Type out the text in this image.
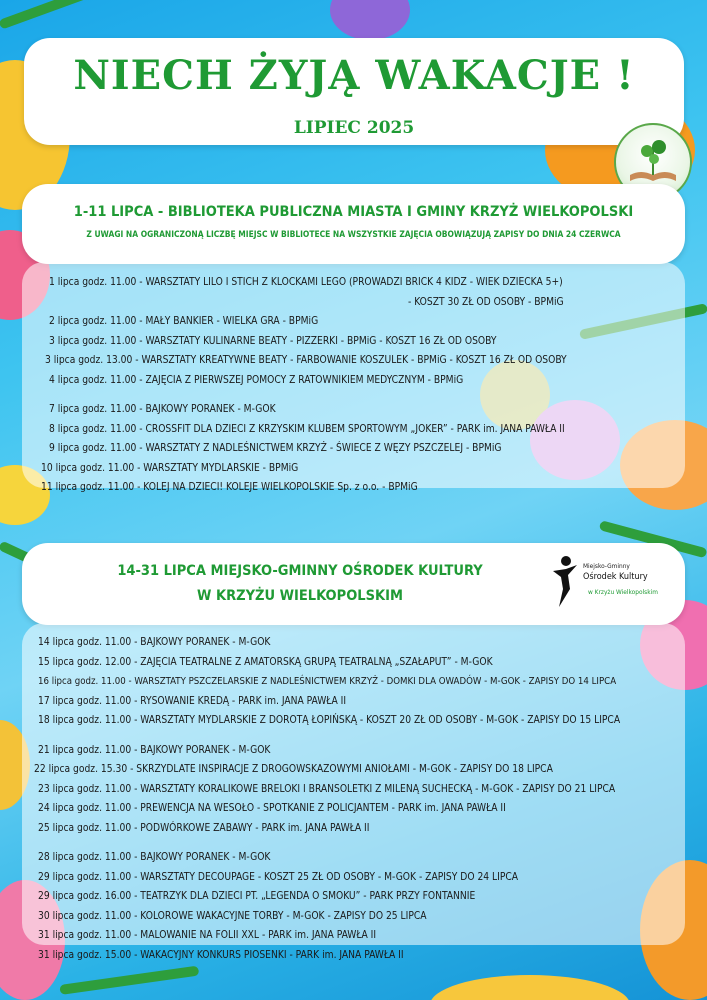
NIECH ŻYJĄ WAKACJE !
LIPIEC 2025
1-11 LIPCA - BIBLIOTEKA PUBLICZNA MIASTA I GMINY KRZYŻ WIELKOPOLSKI
Z UWAGI NA OGRANICZONĄ LICZBĘ MIEJSC W BIBLIOTECE NA WSZYSTKIE ZAJĘCIA OBOWIĄZUJĄ ZAPISY DO DNIA 24 CZERWCA
1 lipca godz. 11.00 - WARSZTATY LILO I STICH Z KLOCKAMI LEGO (PROWADZI BRICK 4 KIDZ - WIEK DZIECKA 5+)
- KOSZT 30 ZŁ OD OSOBY - BPMiG
2 lipca godz. 11.00 - MAŁY BANKIER - WIELKA GRA - BPMiG
3 lipca godz. 11.00 - WARSZTATY KULINARNE BEATY - PIZZERKI - BPMiG - KOSZT 16 ZŁ OD OSOBY
3 lipca godz. 13.00 - WARSZTATY KREATYWNE BEATY - FARBOWANIE KOSZULEK - BPMiG - KOSZT 16 ZŁ OD OSOBY
4 lipca godz. 11.00 - ZAJĘCIA Z PIERWSZEJ POMOCY Z RATOWNIKIEM MEDYCZNYM - BPMiG
7 lipca godz. 11.00 - BAJKOWY PORANEK - M-GOK
8 lipca godz. 11.00 - CROSSFIT DLA DZIECI Z KRZYSKIM KLUBEM SPORTOWYM „JOKER” - PARK im. JANA PAWŁA II
9 lipca godz. 11.00 - WARSZTATY Z NADLEŚNICTWEM KRZYŻ - ŚWIECE Z WĘZY PSZCZELEJ - BPMiG
10 lipca godz. 11.00 - WARSZTATY MYDLARSKIE - BPMiG
11 lipca godz. 11.00 - KOLEJ NA DZIECI! KOLEJE WIELKOPOLSKIE Sp. z o.o. - BPMiG
14-31 LIPCA MIEJSKO-GMINNY OŚRODEK KULTURY
W KRZYŻU WIELKOPOLSKIM
Miejsko-Gminny
Ośrodek Kultury
w Krzyżu Wielkopolskim
14 lipca godz. 11.00 - BAJKOWY PORANEK - M-GOK
15 lipca godz. 12.00 - ZAJĘCIA TEATRALNE Z AMATORSKĄ GRUPĄ TEATRALNĄ „SZAŁAPUT” - M-GOK
16 lipca godz. 11.00 - WARSZTATY PSZCZELARSKIE Z NADLEŚNICTWEM KRZYŻ - DOMKI DLA OWADÓW - M-GOK - ZAPISY DO 14 LIPCA
17 lipca godz. 11.00 - RYSOWANIE KREDĄ - PARK im. JANA PAWŁA II
18 lipca godz. 11.00 - WARSZTATY MYDLARSKIE Z DOROTĄ ŁOPIŃSKĄ - KOSZT 20 ZŁ OD OSOBY - M-GOK - ZAPISY DO 15 LIPCA
21 lipca godz. 11.00 - BAJKOWY PORANEK - M-GOK
22 lipca godz. 15.30 - SKRZYDLATE INSPIRACJE Z DROGOWSKAZOWYMI ANIOŁAMI - M-GOK - ZAPISY DO 18 LIPCA
23 lipca godz. 11.00 - WARSZTATY KORALIKOWE BRELOKI I BRANSOLETKI Z MILENĄ SUCHECKĄ - M-GOK - ZAPISY DO 21 LIPCA
24 lipca godz. 11.00 - PREWENCJA NA WESOŁO - SPOTKANIE Z POLICJANTEM - PARK im. JANA PAWŁA II
25 lipca godz. 11.00 - PODWÓRKOWE ZABAWY - PARK im. JANA PAWŁA II
28 lipca godz. 11.00 - BAJKOWY PORANEK - M-GOK
29 lipca godz. 11.00 - WARSZTATY DECOUPAGE - KOSZT 25 ZŁ OD OSOBY - M-GOK - ZAPISY DO 24 LIPCA
29 lipca godz. 16.00 - TEATRZYK DLA DZIECI PT. „LEGENDA O SMOKU” - PARK PRZY FONTANNIE
30 lipca godz. 11.00 - KOLOROWE WAKACYJNE TORBY - M-GOK - ZAPISY DO 25 LIPCA
31 lipca godz. 11.00 - MALOWANIE NA FOLII XXL - PARK im. JANA PAWŁA II
31 lipca godz. 15.00 - WAKACYJNY KONKURS PIOSENKI - PARK im. JANA PAWŁA II
